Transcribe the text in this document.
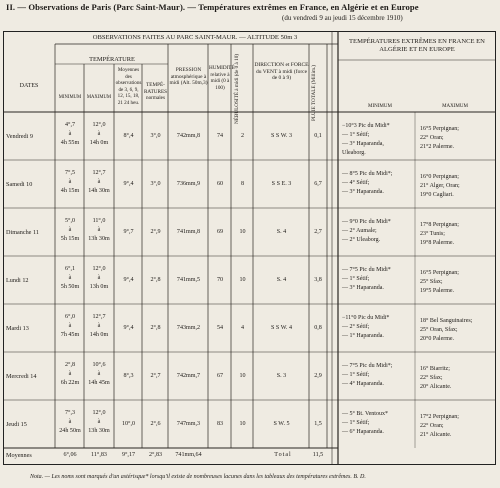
II. — Observations de Paris (Parc Saint-Maur). — Températures extrêmes en France, en Algérie et en Europe
(du vendredi 9 au jeudi 15 décembre 1910)
OBSERVATIONS FAITES AU PARC SAINT-MAUR. — ALTITUDE 50m 3
TEMPÉRATURES EXTRÊMES EN FRANCE EN ALGÉRIE ET EN EUROPE
DATES
TEMPÉRATURE
MINIMUM	MAXIMUM
Moyennes des observations de 3, 6, 9, 12, 15, 18, 21 24 heu.
TEMPÉ-RATURES normales
PRESSION atmosphérique à midi (Alt. 50m,3)
HUMIDITÉ relative à midi (0 à 100)	NÉBULOSITÉ à midi (de 0 à 10)	DIRECTION et FORCE du VENT à midi (force de 0 à 9)	PLUIE TOTALE (Millim.)	MINIMUM	MAXIMUM
Vendredi 9
4°,7
à
4h 55m
12°,0
à
14h 0m
8°,4	3°,0	742mm,8	74	2	S S W. 3	0,1
−10°3 Pic du Midi*
— 1° Sétif;
— 3° Haparanda,
Uleaborg.
16°5 Perpignan;
22° Oran;
21°2 Palerme.
Samedi 10
7°,5
à
4h 15m
12°,7
à
14h 30m
9°,4	3°,0	736mm,9	60	8	S S E. 3	6,7
— 8°5 Pic du Midi*;
— 4° Sétif;
— 3° Haparanda.
16°0 Perpignan;
21° Alger, Oran;
19°0 Cagliari.
Dimanche 11
5°,0
à
5h 15m
11°,0
à
13h 30m
9°,7	2°,9	741mm,8	69	10	S. 4	2,7
— 9°0 Pic du Midi*
— 2° Aumale;
— 2° Uleaborg.
17°8 Perpignan;
23° Tunis;
19°8 Palerme.
Lundi 12
6°,1
à
5h 50m
12°,0
à
13h 0m
9°,4	2°,8	741mm,5	70	10	S. 4	3,8
— 7°5 Pic du Midi*
— 1° Sétif;
— 3° Haparanda.
16°5 Perpignan;
25° Sfax;
19°5 Palerme.
Mardi 13
6°,0
à
7h 45m
12°,7
à
14h 0m
9°,4	2°,8	743mm,2	54	4	S S W. 4	0,8
−11°0 Pic du Midi*
— 2° Sétif;
— 1° Haparanda.
18° Bel Sanguinaires;
25° Oran, Sfax;
20°0 Palerme.
Mercredi 14
2°,8
à
6h 22m
10°,6
à
14h 45m
8°,3	2°,7	742mm,7	67	10	S. 3	2,9
— 7°5 Pic du Midi*;
— 1° Sétif;
— 4° Haparanda.
16° Biarritz;
22° Sfax;
20° Alicante.
Jeudi 15
7°,3
à
24h 50m
12°,0
à
13h 30m
10°,0	2°,6	747mm,3	83	10	S W. 5	1,5
— 5° Bt. Ventoux*
— 1° Sétif;
— 6° Haparanda.
17°2 Perpignan;
22° Oran;
21° Alicante.
Moyennes	6°,06	11°,83	9°,17	2°,83	741mm,64	Total	11,5
Nota. — Les noms sont marqués d'un astérisque* lorsqu'il existe de nombreuses lacunes dans les tableaux des températures extrêmes. B. D.
